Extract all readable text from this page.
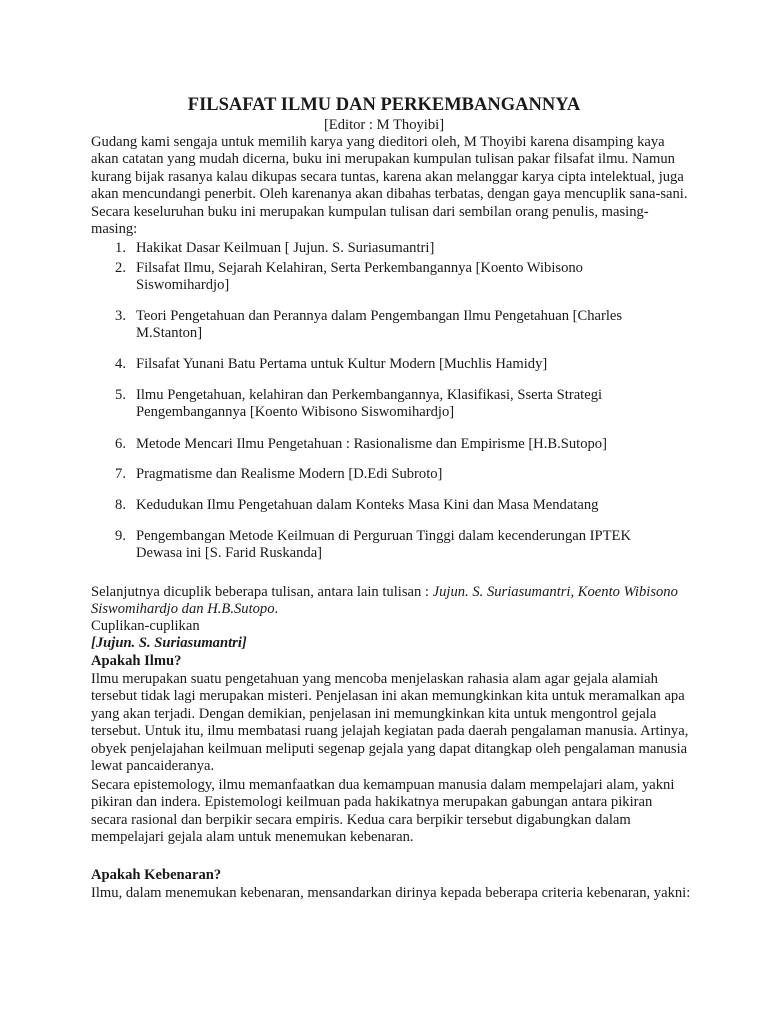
FILSAFAT ILMU DAN PERKEMBANGANNYA
[Editor : M Thoyibi]

Gudang kami sengaja untuk memilih karya yang dieditori oleh, M Thoyibi karena disamping kaya akan catatan yang mudah dicerna, buku ini merupakan kumpulan tulisan pakar filsafat ilmu. Namun kurang bijak rasanya kalau dikupas secara tuntas, karena akan melanggar karya cipta intelektual, juga akan mencundangi penerbit. Oleh karenanya akan dibahas terbatas, dengan gaya mencuplik sana-sani. Secara keseluruhan buku ini merupakan kumpulan tulisan dari sembilan orang penulis, masing-masing:

1. Hakikat Dasar Keilmuan [ Jujun. S. Suriasumantri]
2. Filsafat Ilmu, Sejarah Kelahiran, Serta Perkembangannya [Koento Wibisono Siswomihardjo]
3. Teori Pengetahuan dan Perannya dalam Pengembangan Ilmu Pengetahuan [Charles M.Stanton]
4. Filsafat Yunani Batu Pertama untuk Kultur Modern [Muchlis Hamidy]
5. Ilmu Pengetahuan, kelahiran dan Perkembangannya, Klasifikasi, Sserta Strategi Pengembangannya [Koento Wibisono Siswomihardjo]
6. Metode Mencari Ilmu Pengetahuan : Rasionalisme dan Empirisme [H.B.Sutopo]
7. Pragmatisme dan Realisme Modern [D.Edi Subroto]
8. Kedudukan Ilmu Pengetahuan dalam Konteks Masa Kini dan Masa Mendatang
9. Pengembangan Metode Keilmuan di Perguruan Tinggi dalam kecenderungan IPTEK Dewasa ini [S. Farid Ruskanda]

Selanjutnya dicuplik beberapa tulisan, antara lain tulisan : Jujun. S. Suriasumantri, Koento Wibisono Siswomihardjo dan H.B.Sutopo.

Cuplikan-cuplikan

[Jujun. S. Suriasumantri]
Apakah Ilmu?

Ilmu merupakan suatu pengetahuan yang mencoba menjelaskan rahasia alam agar gejala alamiah tersebut tidak lagi merupakan misteri. Penjelasan ini akan memungkinkan kita untuk meramalkan apa yang akan terjadi. Dengan demikian, penjelasan ini memungkinkan kita untuk mengontrol gejala tersebut. Untuk itu, ilmu membatasi ruang jelajah kegiatan pada daerah pengalaman manusia. Artinya, obyek penjelajahan keilmuan meliputi segenap gejala yang dapat ditangkap oleh pengalaman manusia lewat pancaideranya.

Secara epistemology, ilmu memanfaatkan dua kemampuan manusia dalam mempelajari alam, yakni pikiran dan indera. Epistemologi keilmuan pada hakikatnya merupakan gabungan antara pikiran secara rasional dan berpikir secara empiris. Kedua cara berpikir tersebut digabungkan dalam mempelajari gejala alam untuk menemukan kebenaran.

Apakah Kebenaran?

Ilmu, dalam menemukan kebenaran, mensandarkan dirinya kepada beberapa criteria kebenaran, yakni:
